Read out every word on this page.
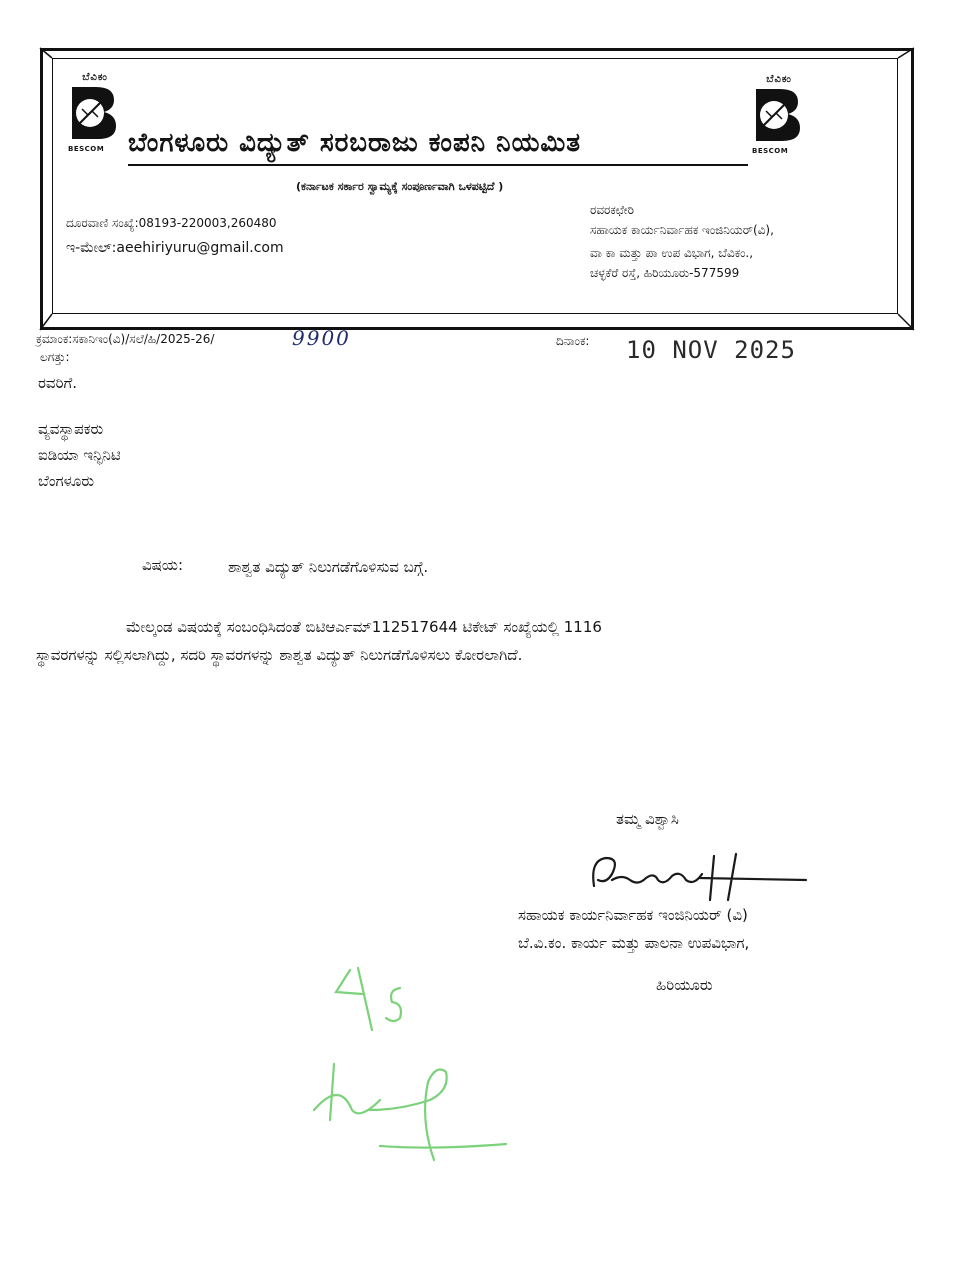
ಬೆವಿಕಂ
BESCOM
ಬೆವಿಕಂ
BESCOM
ಬೆಂಗಳೂರು ವಿದ್ಯುತ್ ಸರಬರಾಜು ಕಂಪನಿ ನಿಯಮಿತ
(ಕರ್ನಾಟಕ ಸರ್ಕಾರ ಸ್ವಾಮ್ಯಕ್ಕೆ ಸಂಪೂರ್ಣವಾಗಿ ಒಳಪಟ್ಟಿದೆ )
ದೂರವಾಣಿ ಸಂಖ್ಯೆ:08193-220003,260480
ಇ-ಮೇಲ್:aeehiriyuru@gmail.com
ರವರಕಛೇರಿ
ಸಹಾಯಕ ಕಾರ್ಯನಿರ್ವಾಹಕ ಇಂಜಿನಿಯರ್(ವಿ),
ವಾ ಕಾ ಮತ್ತು ಪಾ ಉಪ ವಿಭಾಗ, ಬೆವಿಕಂ.,
ಚಳ್ಳಕೆರೆ ರಸ್ತೆ, ಹಿರಿಯೂರು-577599
ಕ್ರಮಾಂಕ:ಸಕಾನಿಇಂ(ವಿ)/ಸಲೆ/ಹಿ/2025-26/	9900	ದಿನಾಂಕ: 10 NOV 2025
ಲಗತ್ತು:
ರವರಿಗೆ.
ವ್ಯವಸ್ಥಾಪಕರು
ಐಡಿಯಾ ಇನ್ಫಿನಿಟಿ
ಬೆಂಗಳೂರು
ವಿಷಯ:	ಶಾಶ್ವತ ವಿದ್ಯುತ್ ನಿಲುಗಡೆಗೊಳಿಸುವ ಬಗ್ಗೆ.
ಮೇಲ್ಕಂಡ ವಿಷಯಕ್ಕೆ ಸಂಬಂಧಿಸಿದಂತೆ ಬಿಟಿಆರ್ಎಮ್112517644 ಟಿಕೇಟ್ ಸಂಖ್ಯೆಯಲ್ಲಿ 1116
ಸ್ಥಾವರಗಳನ್ನು ಸಲ್ಲಿಸಲಾಗಿದ್ದು, ಸದರಿ ಸ್ಥಾವರಗಳನ್ನು ಶಾಶ್ವತ ವಿದ್ಯುತ್ ನಿಲುಗಡೆಗೊಳಿಸಲು ಕೋರಲಾಗಿದೆ.
ತಮ್ಮ ವಿಶ್ವಾಸಿ
ಸಹಾಯಕ ಕಾರ್ಯನಿರ್ವಾಹಕ ಇಂಜಿನಿಯರ್ (ವಿ)
ಬೆ.ವಿ.ಕಂ. ಕಾರ್ಯ ಮತ್ತು ಪಾಲನಾ ಉಪವಿಭಾಗ,
ಹಿರಿಯೂರು
